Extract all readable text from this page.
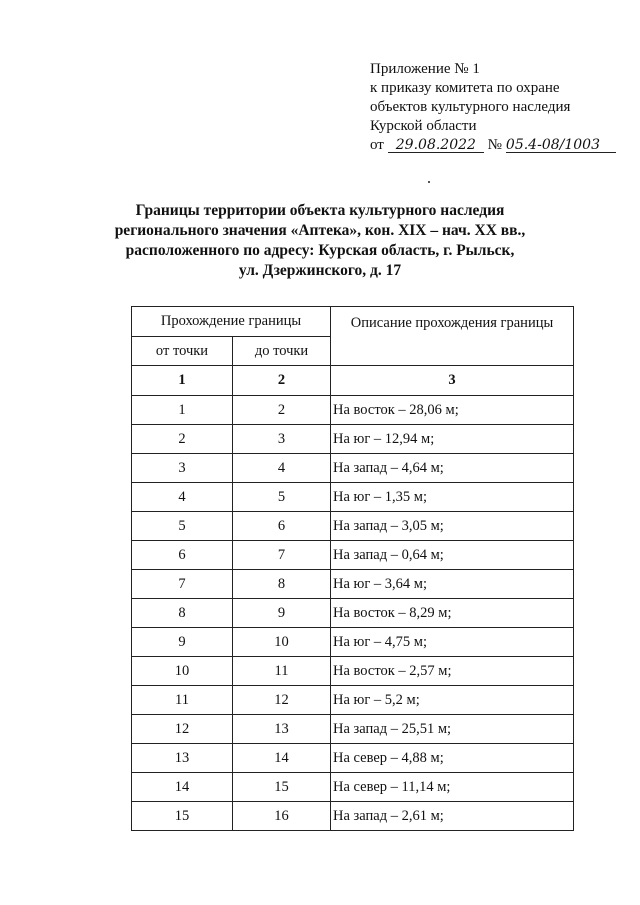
Приложение № 1
к приказу комитета по охране
объектов культурного наследия
Курской области
от 29.08.2022 № 05.4-08/1003
Границы территории объекта культурного наследия
регионального значения «Аптека», кон. XIX – нач. XX вв.,
расположенного по адресу: Курская область, г. Рыльск,
ул. Дзержинского, д. 17
Прохождение границы		Описание прохождения границы
от точки	до точки	
1	2	3
1	2	На восток – 28,06 м;
2	3	На юг – 12,94 м;
3	4	На запад – 4,64 м;
4	5	На юг – 1,35 м;
5	6	На запад – 3,05 м;
6	7	На запад – 0,64 м;
7	8	На юг – 3,64 м;
8	9	На восток – 8,29 м;
9	10	На юг – 4,75 м;
10	11	На восток – 2,57 м;
11	12	На юг – 5,2 м;
12	13	На запад – 25,51 м;
13	14	На север – 4,88 м;
14	15	На север – 11,14 м;
15	16	На запад – 2,61 м;
